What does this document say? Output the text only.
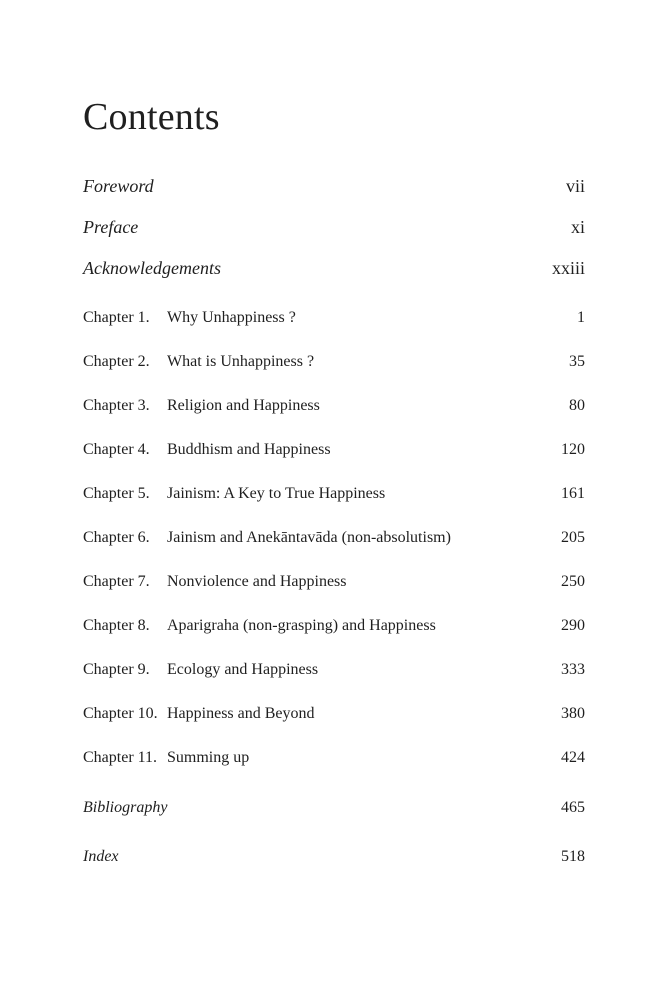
Contents
Foreword	vii
Preface	xi
Acknowledgements	xxiii
Chapter 1. Why Unhappiness ?	1
Chapter 2. What is Unhappiness ?	35
Chapter 3. Religion and Happiness	80
Chapter 4. Buddhism and Happiness	120
Chapter 5. Jainism: A Key to True Happiness	161
Chapter 6. Jainism and Anekāntavāda (non-absolutism)	205
Chapter 7. Nonviolence and Happiness	250
Chapter 8. Aparigraha (non-grasping) and Happiness	290
Chapter 9. Ecology and Happiness	333
Chapter 10. Happiness and Beyond	380
Chapter 11. Summing up	424
Bibliography	465
Index	518
